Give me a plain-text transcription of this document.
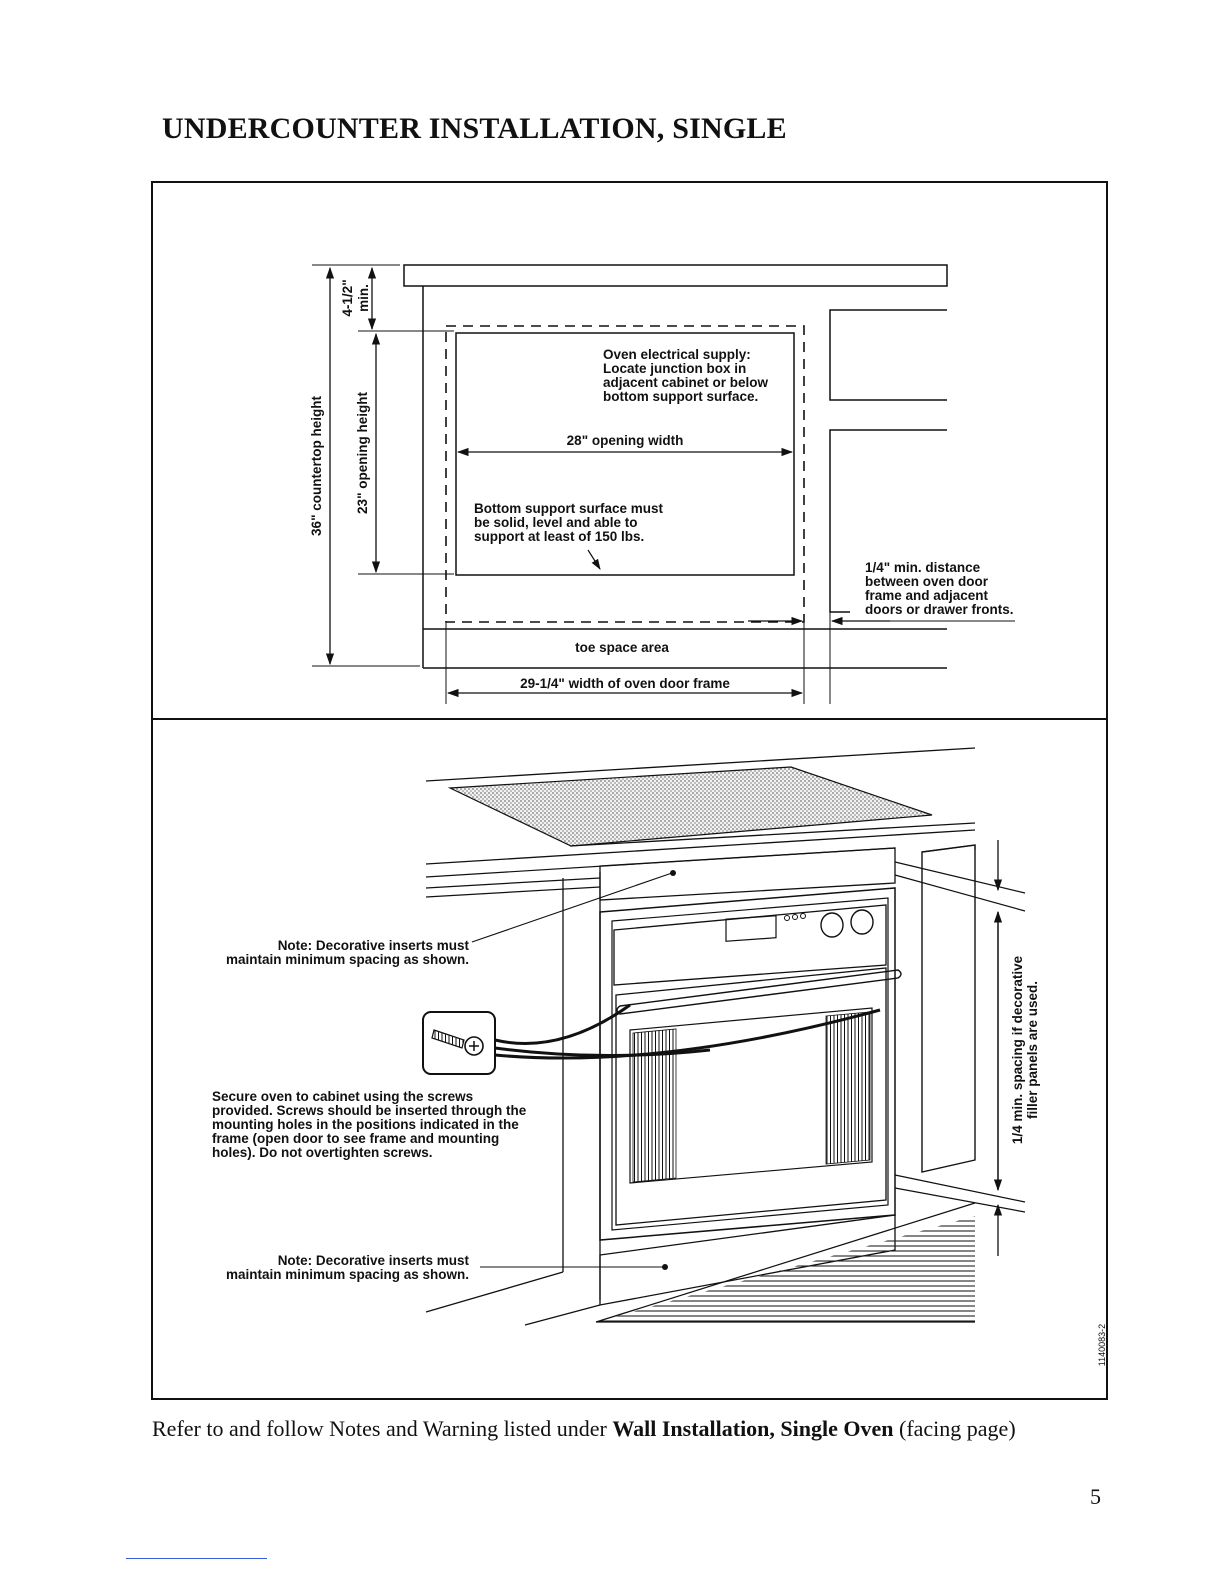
UNDERCOUNTER INSTALLATION, SINGLE
36" countertop height
4-1/2" min.
23" opening height
Oven electrical supply:
Locate junction box in
adjacent cabinet or below
bottom support surface.
28" opening width
Bottom support surface must
be solid, level and able to
support at least of 150 lbs.
1/4" min. distance
between oven door
frame and adjacent
doors or drawer fronts.
toe space area
29-1/4" width of oven door frame
Note: Decorative inserts must
maintain minimum spacing as shown.
Secure oven to cabinet using the screws
provided. Screws should be inserted through the
mounting holes in the positions indicated in the
frame (open door to see frame and mounting
holes). Do not overtighten screws.
Note: Decorative inserts must
maintain minimum spacing as shown.
1/4 min. spacing if decorative filler panels are used.
1140083-2

Refer to and follow Notes and Warning listed under Wall Installation, Single Oven (facing page)

5
